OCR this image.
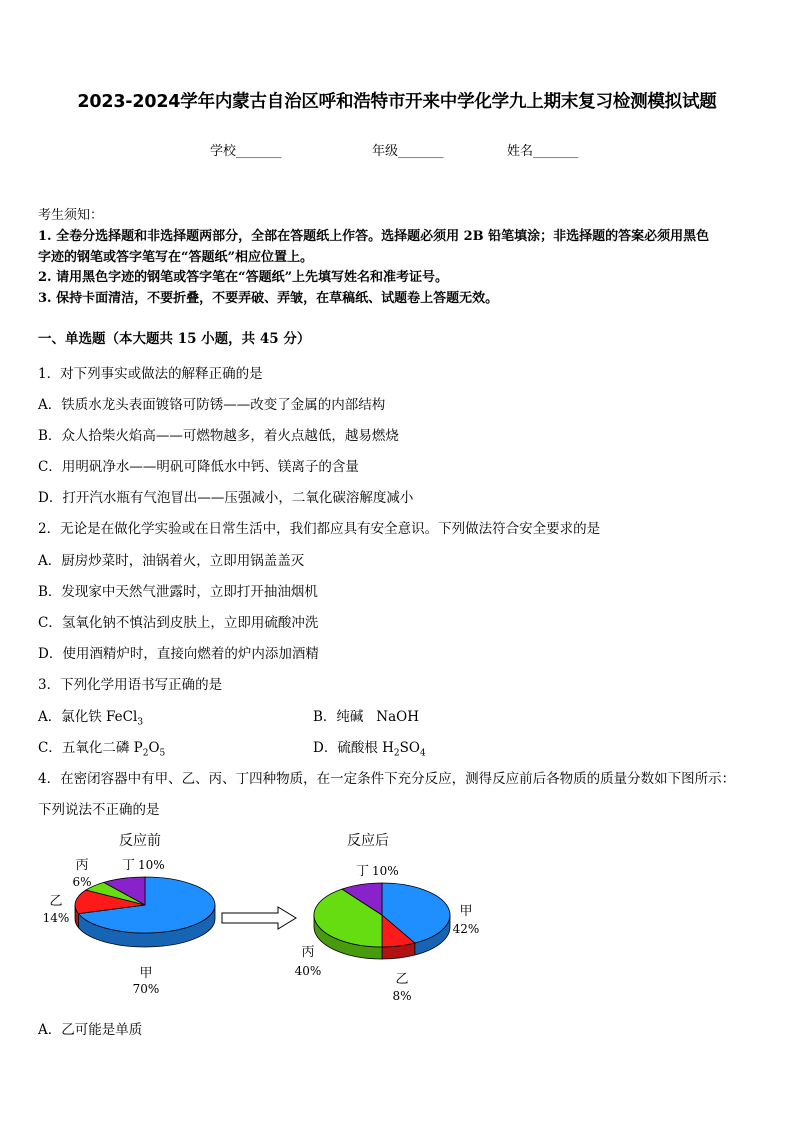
2023-2024学年内蒙古自治区呼和浩特市开来中学化学九上期末复习检测模拟试题
学校_______	年级_______	姓名_______
考生须知：
1. 全卷分选择题和非选择题两部分，全部在答题纸上作答。选择题必须用 2B 铅笔填涂；非选择题的答案必须用黑色
字迹的钢笔或答字笔写在“答题纸”相应位置上。
2. 请用黑色字迹的钢笔或答字笔在“答题纸”上先填写姓名和准考证号。
3. 保持卡面清洁，不要折叠，不要弄破、弄皱，在草稿纸、试题卷上答题无效。
一、单选题（本大题共 15 小题，共 45 分）
1．对下列事实或做法的解释正确的是
A．铁质水龙头表面镀铬可防锈——改变了金属的内部结构
B．众人拾柴火焰高——可燃物越多，着火点越低，越易燃烧
C．用明矾净水——明矾可降低水中钙、镁离子的含量
D．打开汽水瓶有气泡冒出——压强减小，二氧化碳溶解度减小
2．无论是在做化学实验或在日常生活中，我们都应具有安全意识。下列做法符合安全要求的是
A．厨房炒菜时，油锅着火，立即用锅盖盖灭
B．发现家中天然气泄露时，立即打开抽油烟机
C．氢氧化钠不慎沾到皮肤上，立即用硫酸冲洗
D．使用酒精炉时，直接向燃着的炉内添加酒精
3．下列化学用语书写正确的是
A．氯化铁 FeCl$_3$	B．纯碱 NaOH
C．五氧化二磷 $P_2O_5$	D．硫酸根 $H_2SO_4$
4．在密闭容器中有甲、乙、丙、丁四种物质，在一定条件下充分反应，测得反应前后各物质的质量分数如下图所示：
下列说法不正确的是
反应前
甲
70%
乙
14%
丙
6%
丁 10%
反应后
甲
42%
乙
8%
丙
40%
丁 10%
A．乙可能是单质
